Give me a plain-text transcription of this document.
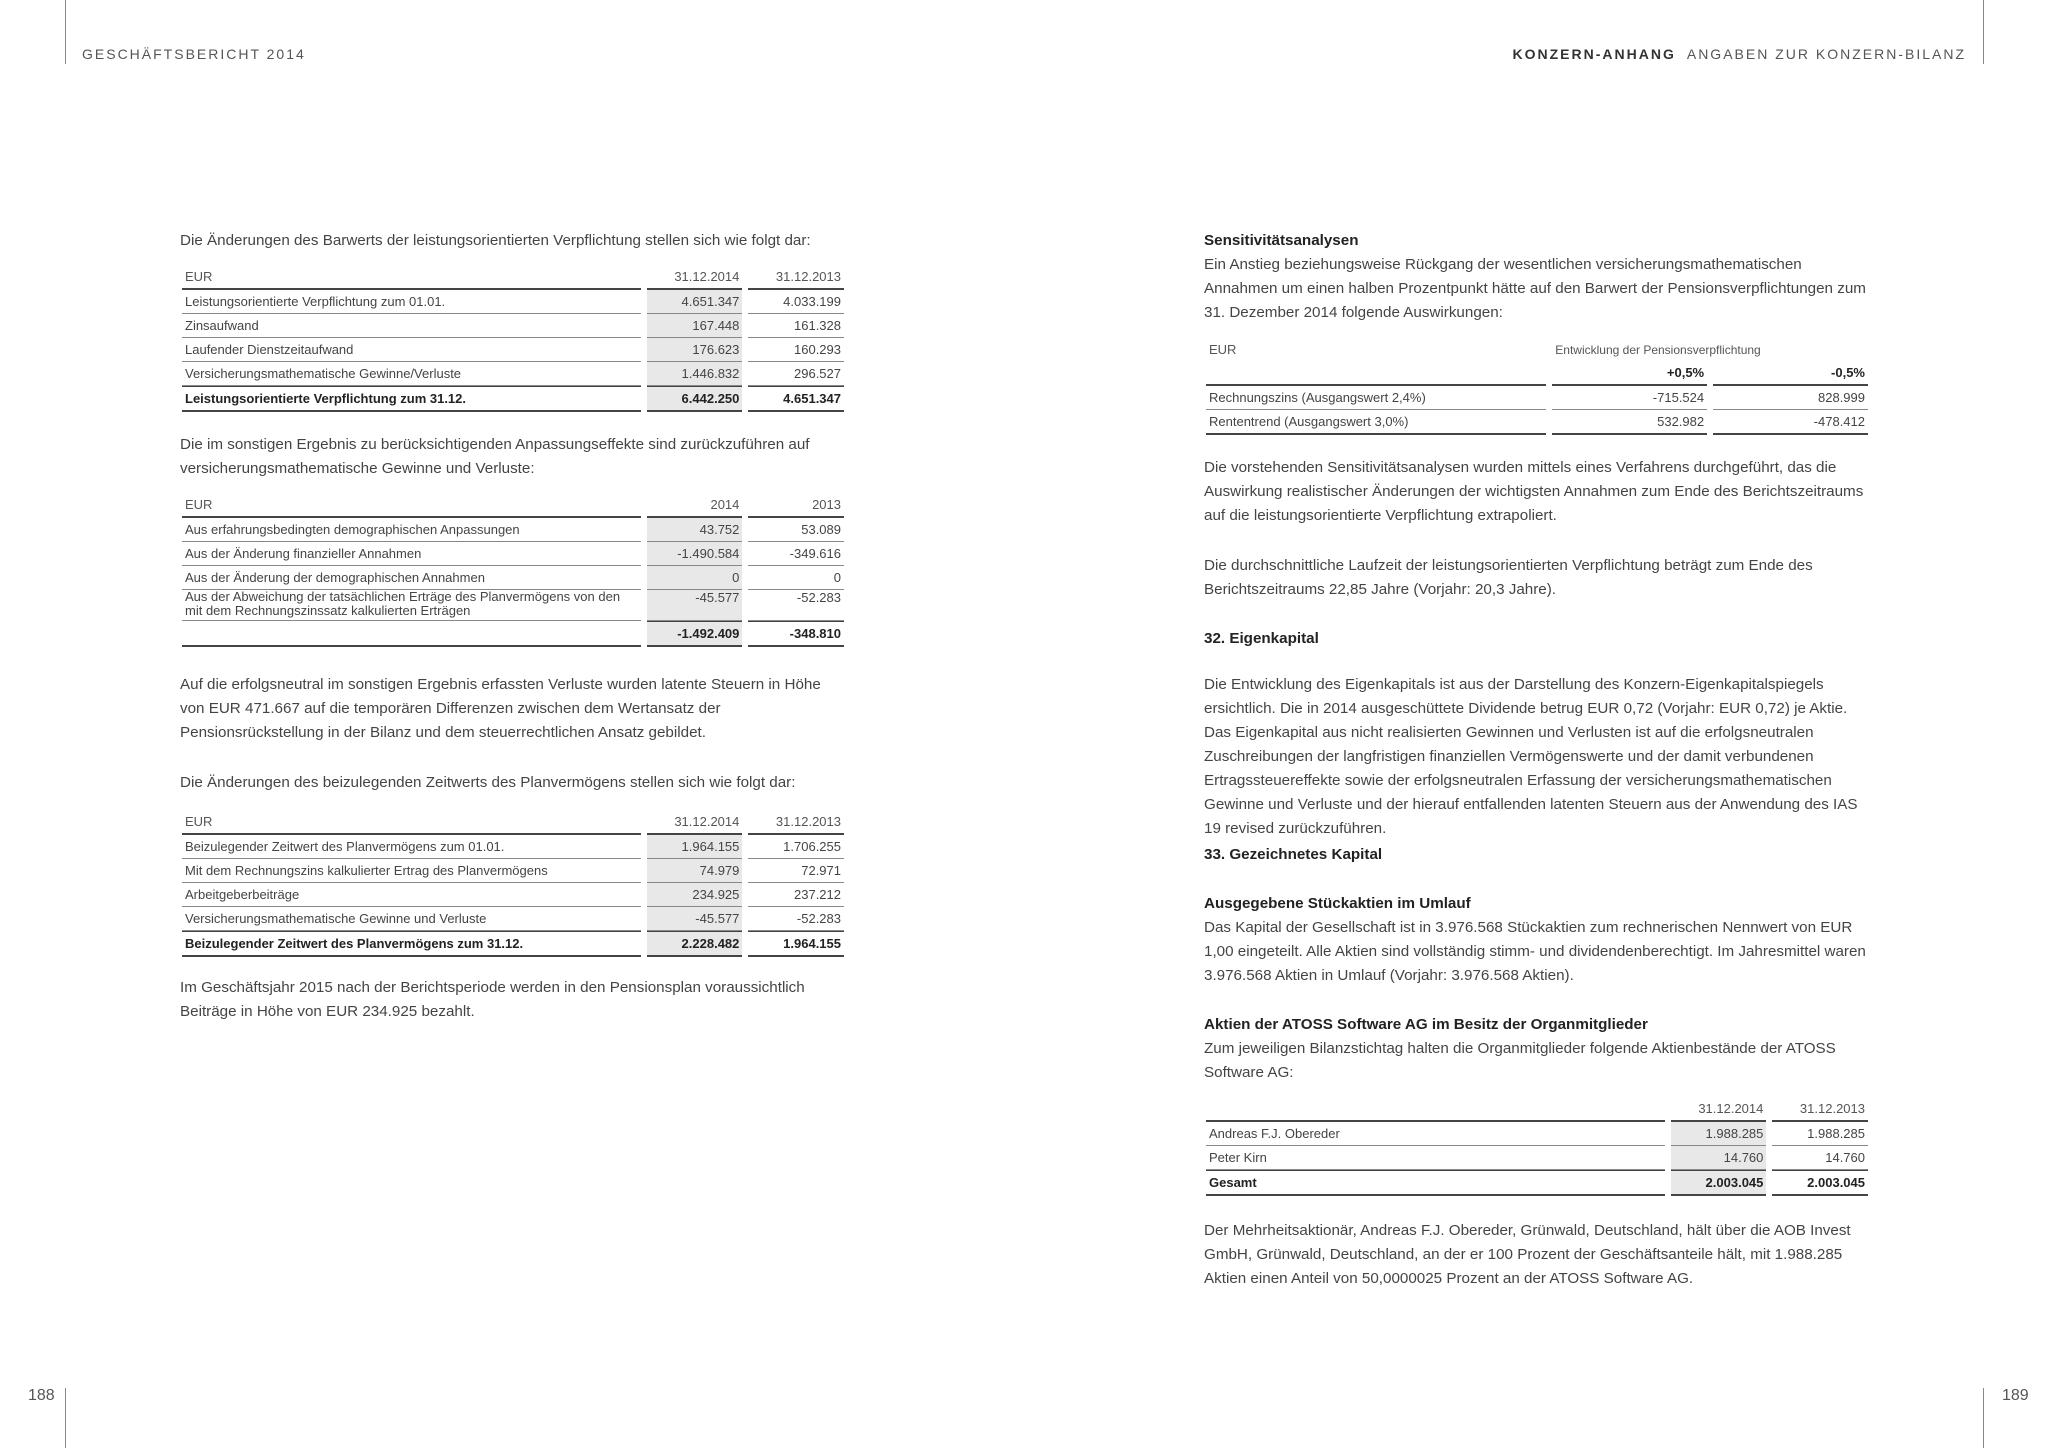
GESCHÄFTSBERICHT 2014	KONZERN-ANHANG ANGABEN ZUR KONZERN-BILANZ
188	189

Die Änderungen des Barwerts der leistungsorientierten Verpflichtung stellen sich wie folgt dar:

EUR	31.12.2014	31.12.2013
Leistungsorientierte Verpflichtung zum 01.01.	4.651.347	4.033.199
Zinsaufwand	167.448	161.328
Laufender Dienstzeitaufwand	176.623	160.293
Versicherungsmathematische Gewinne/Verluste	1.446.832	296.527
Leistungsorientierte Verpflichtung zum 31.12.	6.442.250	4.651.347

Die im sonstigen Ergebnis zu berücksichtigenden Anpassungseffekte sind zurückzuführen auf versicherungsmathematische Gewinne und Verluste:

EUR	2014	2013
Aus erfahrungsbedingten demographischen Anpassungen	43.752	53.089
Aus der Änderung finanzieller Annahmen	-1.490.584	-349.616
Aus der Änderung der demographischen Annahmen	0	0
Aus der Abweichung der tatsächlichen Erträge des Planvermögens von den mit dem Rechnungszinssatz kalkulierten Erträgen	-45.577	-52.283
	-1.492.409	-348.810

Auf die erfolgsneutral im sonstigen Ergebnis erfassten Verluste wurden latente Steuern in Höhe von EUR 471.667 auf die temporären Differenzen zwischen dem Wertansatz der Pensionsrückstellung in der Bilanz und dem steuerrechtlichen Ansatz gebildet.

Die Änderungen des beizulegenden Zeitwerts des Planvermögens stellen sich wie folgt dar:

EUR	31.12.2014	31.12.2013
Beizulegender Zeitwert des Planvermögens zum 01.01.	1.964.155	1.706.255
Mit dem Rechnungszins kalkulierter Ertrag des Planvermögens	74.979	72.971
Arbeitgeberbeiträge	234.925	237.212
Versicherungsmathematische Gewinne und Verluste	-45.577	-52.283
Beizulegender Zeitwert des Planvermögens zum 31.12.	2.228.482	1.964.155

Im Geschäftsjahr 2015 nach der Berichtsperiode werden in den Pensionsplan voraussichtlich Beiträge in Höhe von EUR 234.925 bezahlt.

Sensitivitätsanalysen
Ein Anstieg beziehungsweise Rückgang der wesentlichen versicherungsmathematischen Annahmen um einen halben Prozentpunkt hätte auf den Barwert der Pensionsverpflichtungen zum 31. Dezember 2014 folgende Auswirkungen:
EUR	Entwicklung der Pensionsverpflichtung	
	+0,5%	-0,5%
Rechnungszins (Ausgangswert 2,4%)	-715.524	828.999
Rententrend (Ausgangswert 3,0%)	532.982	-478.412

Die vorstehenden Sensitivitätsanalysen wurden mittels eines Verfahrens durchgeführt, das die Auswirkung realistischer Änderungen der wichtigsten Annahmen zum Ende des Berichtszeitraums auf die leistungsorientierte Verpflichtung extrapoliert.

Die durchschnittliche Laufzeit der leistungsorientierten Verpflichtung beträgt zum Ende des Berichtszeitraums 22,85 Jahre (Vorjahr: 20,3 Jahre).

32. Eigenkapital

Die Entwicklung des Eigenkapitals ist aus der Darstellung des Konzern-Eigenkapitalspiegels ersichtlich. Die in 2014 ausgeschüttete Dividende betrug EUR 0,72 (Vorjahr: EUR 0,72) je Aktie. Das Eigenkapital aus nicht realisierten Gewinnen und Verlusten ist auf die erfolgsneutralen Zuschreibungen der langfristigen finanziellen Vermögenswerte und der damit verbundenen Ertragssteuereffekte sowie der erfolgsneutralen Erfassung der versicherungsmathematischen Gewinne und Verluste und der hierauf entfallenden latenten Steuern aus der Anwendung des IAS 19 revised zurückzuführen.

33. Gezeichnetes Kapital

Ausgegebene Stückaktien im Umlauf
Das Kapital der Gesellschaft ist in 3.976.568 Stückaktien zum rechnerischen Nennwert von EUR 1,00 eingeteilt. Alle Aktien sind vollständig stimm- und dividendenberechtigt. Im Jahresmittel waren 3.976.568 Aktien in Umlauf (Vorjahr: 3.976.568 Aktien).
Aktien der ATOSS Software AG im Besitz der Organmitglieder
Zum jeweiligen Bilanzstichtag halten die Organmitglieder folgende Aktienbestände der ATOSS Software AG:
	31.12.2014	31.12.2013
Andreas F.J. Obereder	1.988.285	1.988.285
Peter Kirn	14.760	14.760
Gesamt	2.003.045	2.003.045

Der Mehrheitsaktionär, Andreas F.J. Obereder, Grünwald, Deutschland, hält über die AOB Invest GmbH, Grünwald, Deutschland, an der er 100 Prozent der Geschäftsanteile hält, mit 1.988.285 Aktien einen Anteil von 50,0000025 Prozent an der ATOSS Software AG.
